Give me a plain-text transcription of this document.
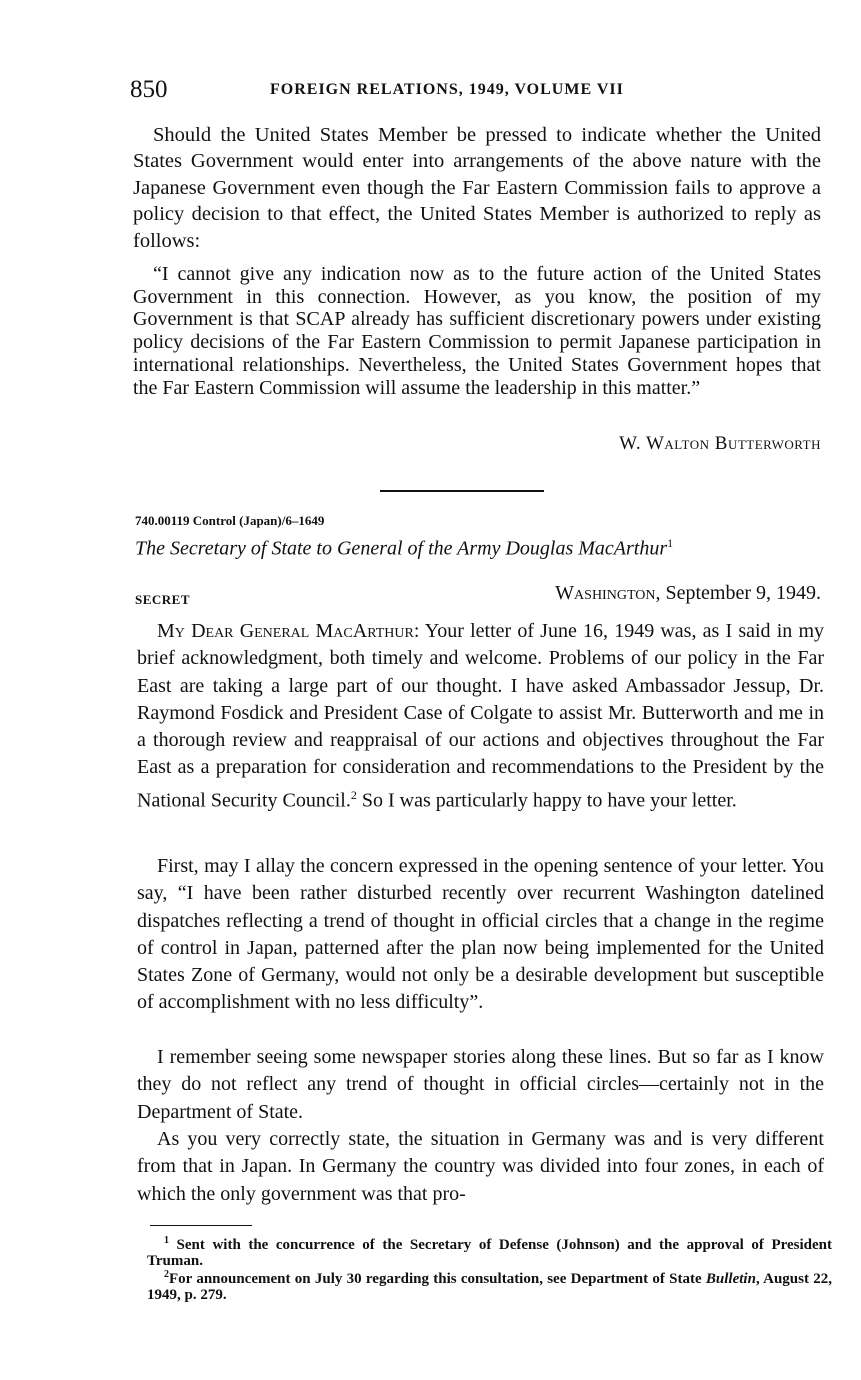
850	FOREIGN RELATIONS, 1949, VOLUME VII

Should the United States Member be pressed to indicate whether the United States Government would enter into arrangements of the above nature with the Japanese Government even though the Far Eastern Commission fails to approve a policy decision to that effect, the United States Member is authorized to reply as follows:

“I cannot give any indication now as to the future action of the United States Government in this connection. However, as you know, the position of my Government is that SCAP already has sufficient discretionary powers under existing policy decisions of the Far Eastern Commission to permit Japanese participation in international relationships. Nevertheless, the United States Government hopes that the Far Eastern Commission will assume the leadership in this matter.”

W. Walton Butterworth
740.00119 Control (Japan)/6–1649
The Secretary of State to General of the Army Douglas MacArthur$^1$
SECRET	Washington, September 9, 1949.

My Dear General MacArthur: Your letter of June 16, 1949 was, as I said in my brief acknowledgment, both timely and welcome. Problems of our policy in the Far East are taking a large part of our thought. I have asked Ambassador Jessup, Dr. Raymond Fosdick and President Case of Colgate to assist Mr. Butterworth and me in a thorough review and reappraisal of our actions and objectives throughout the Far East as a preparation for consideration and recommendations to the President by the National Security Council.$^2$ So I was particularly happy to have your letter.

First, may I allay the concern expressed in the opening sentence of your letter. You say, “I have been rather disturbed recently over recurrent Washington datelined dispatches reflecting a trend of thought in official circles that a change in the regime of control in Japan, patterned after the plan now being implemented for the United States Zone of Germany, would not only be a desirable development but susceptible of accomplishment with no less difficulty”.

I remember seeing some newspaper stories along these lines. But so far as I know they do not reflect any trend of thought in official circles—certainly not in the Department of State.

As you very correctly state, the situation in Germany was and is very different from that in Japan. In Germany the country was divided into four zones, in each of which the only government was that pro-

$^1$ Sent with the concurrence of the Secretary of Defense (Johnson) and the approval of President Truman.

$^2$For announcement on July 30 regarding this consultation, see Department of State Bulletin, August 22, 1949, p. 279.
